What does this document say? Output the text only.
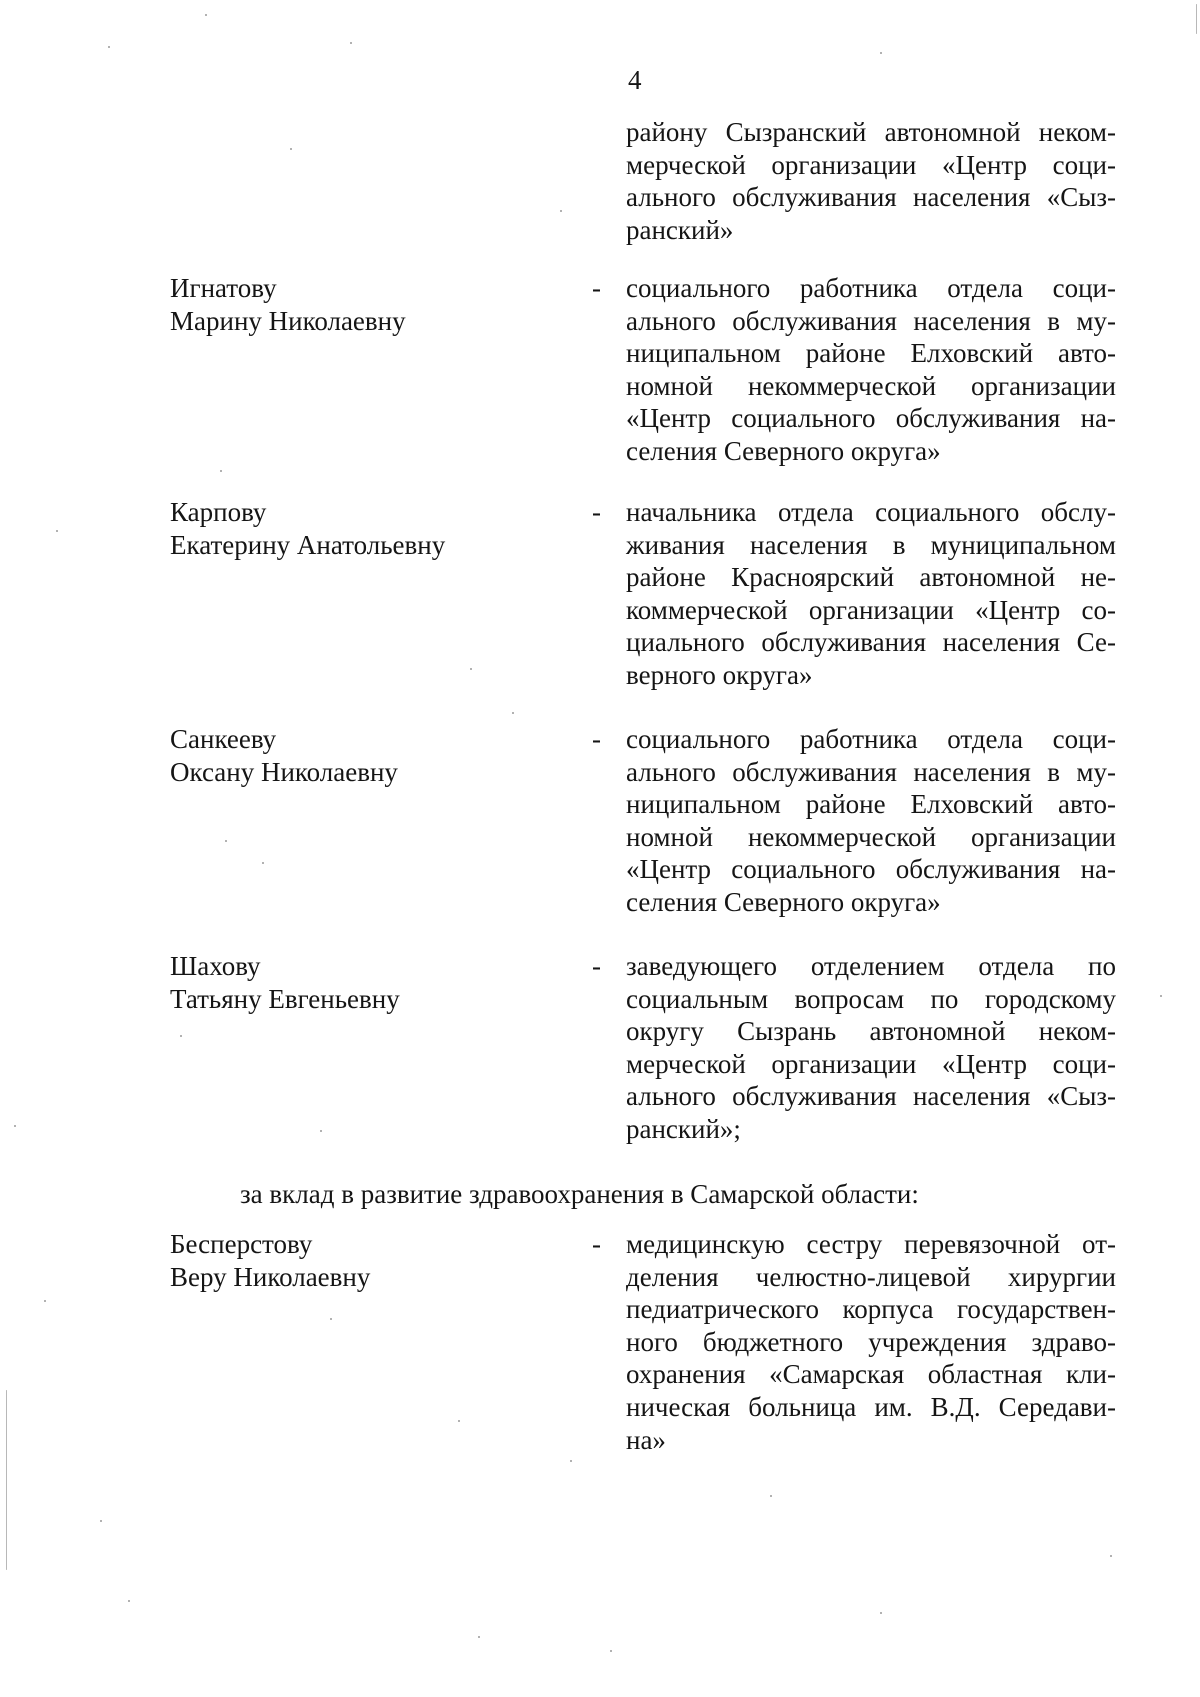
4
району Сызранский автономной неком-
мерческой организации «Центр соци-
ального обслуживания населения «Сыз-
ранский»
Игнатову
Марину Николаевну
- социального работника отдела соци-
ального обслуживания населения в му-
ниципальном районе Елховский авто-
номной некоммерческой организации
«Центр социального обслуживания на-
селения Северного округа»
Карпову
Екатерину Анатольевну
- начальника отдела социального обслу-
живания населения в муниципальном
районе Красноярский автономной не-
коммерческой организации «Центр со-
циального обслуживания населения Се-
верного округа»
Санкееву
Оксану Николаевну
- социального работника отдела соци-
ального обслуживания населения в му-
ниципальном районе Елховский авто-
номной некоммерческой организации
«Центр социального обслуживания на-
селения Северного округа»
Шахову
Татьяну Евгеньевну
- заведующего отделением отдела по
социальным вопросам по городскому
округу Сызрань автономной неком-
мерческой организации «Центр соци-
ального обслуживания населения «Сыз-
ранский»;
за вклад в развитие здравоохранения в Самарской области:
Бесперстову
Веру Николаевну
- медицинскую сестру перевязочной от-
деления челюстно-лицевой хирургии
педиатрического корпуса государствен-
ного бюджетного учреждения здраво-
охранения «Самарская областная кли-
ническая больница им. В.Д. Середави-
на»
